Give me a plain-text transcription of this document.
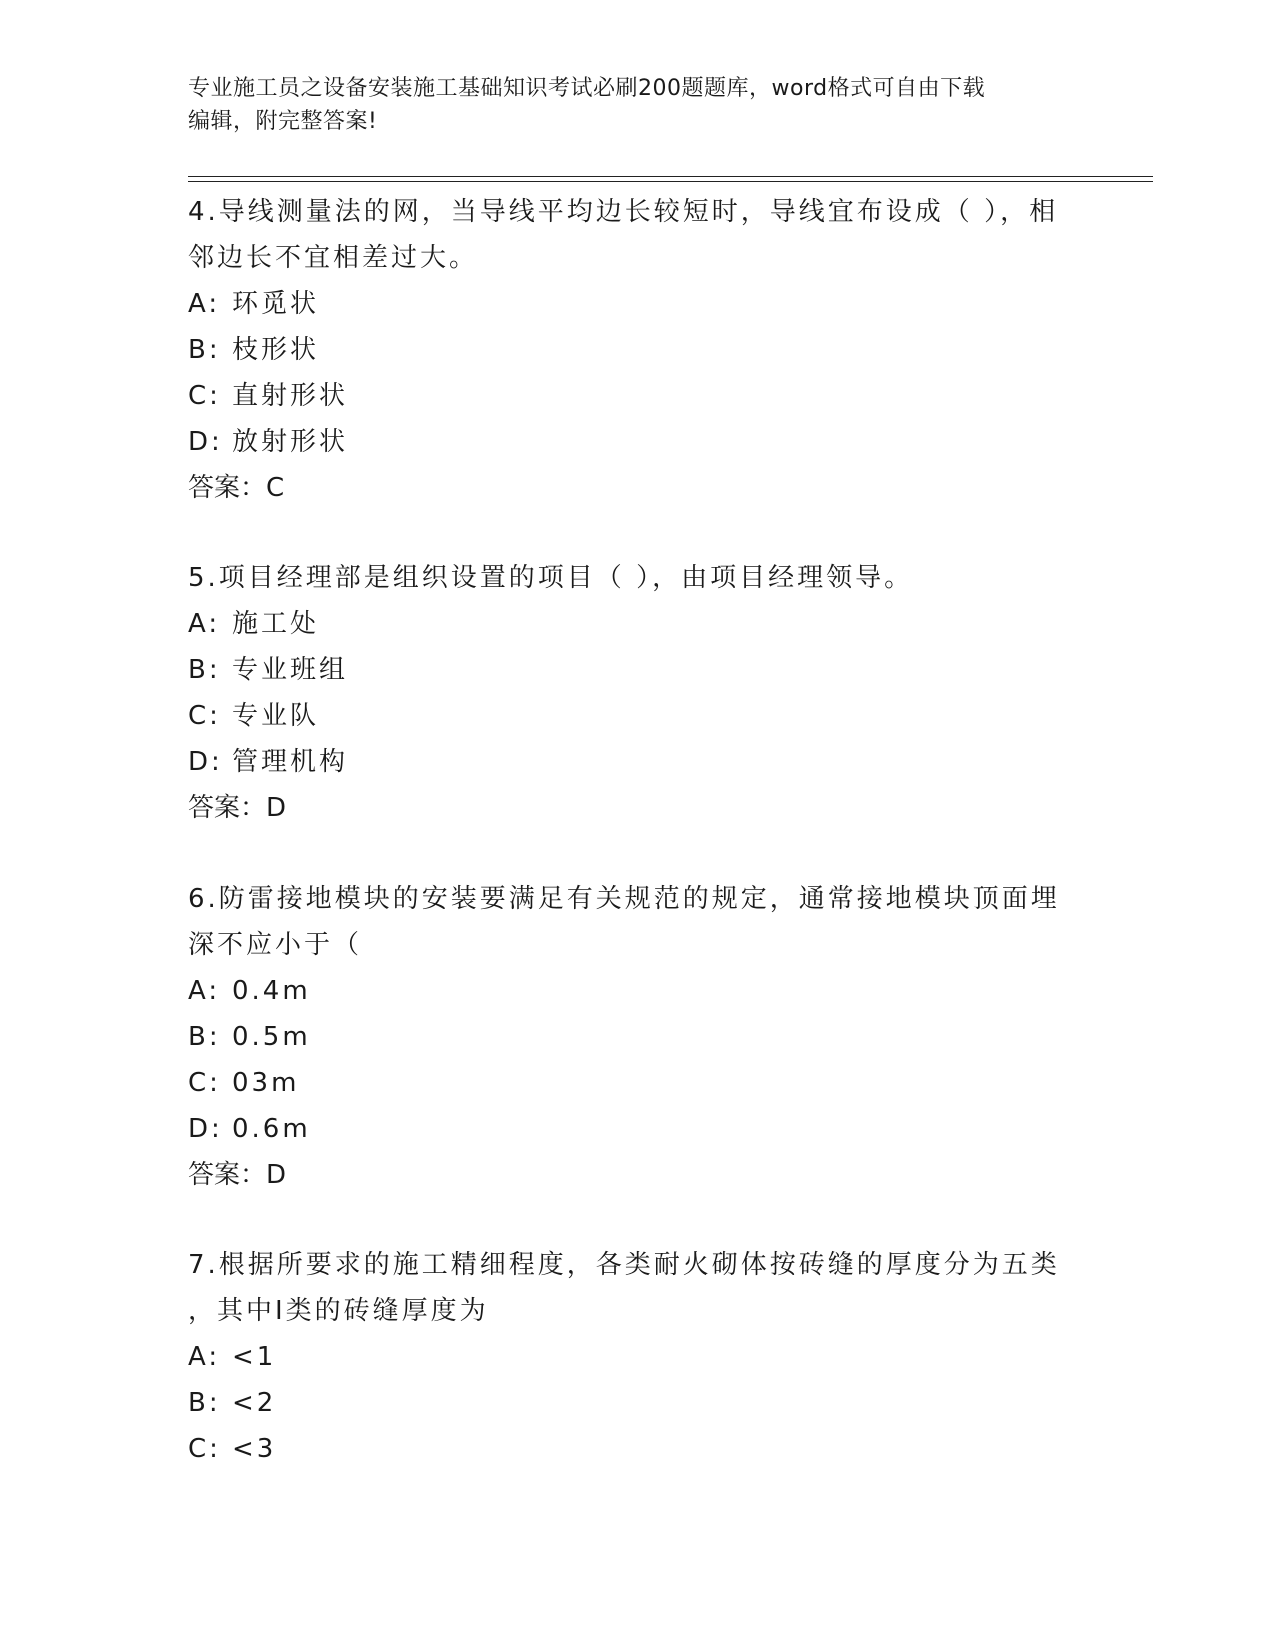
专业施工员之设备安装施工基础知识考试必刷200题题库，word格式可自由下载
编辑，附完整答案!

4.导线测量法的网，当导线平均边长较短时，导线宜布设成（ ），相

邻边长不宜相差过大。

A: 环觅状

B: 枝形状

C: 直射形状

D: 放射形状

答案：C

5.项目经理部是组织设置的项目（ ），由项目经理领导。

A: 施工处

B: 专业班组

C: 专业队

D: 管理机构

答案：D

6.防雷接地模块的安装要满足有关规范的规定，通常接地模块顶面埋

深不应小于（

A: 0.4m

B: 0.5m

C: 03m

D: 0.6m

答案：D

7.根据所要求的施工精细程度，各类耐火砌体按砖缝的厚度分为五类

，其中I类的砖缝厚度为

A: <1

B: <2

C: <3
